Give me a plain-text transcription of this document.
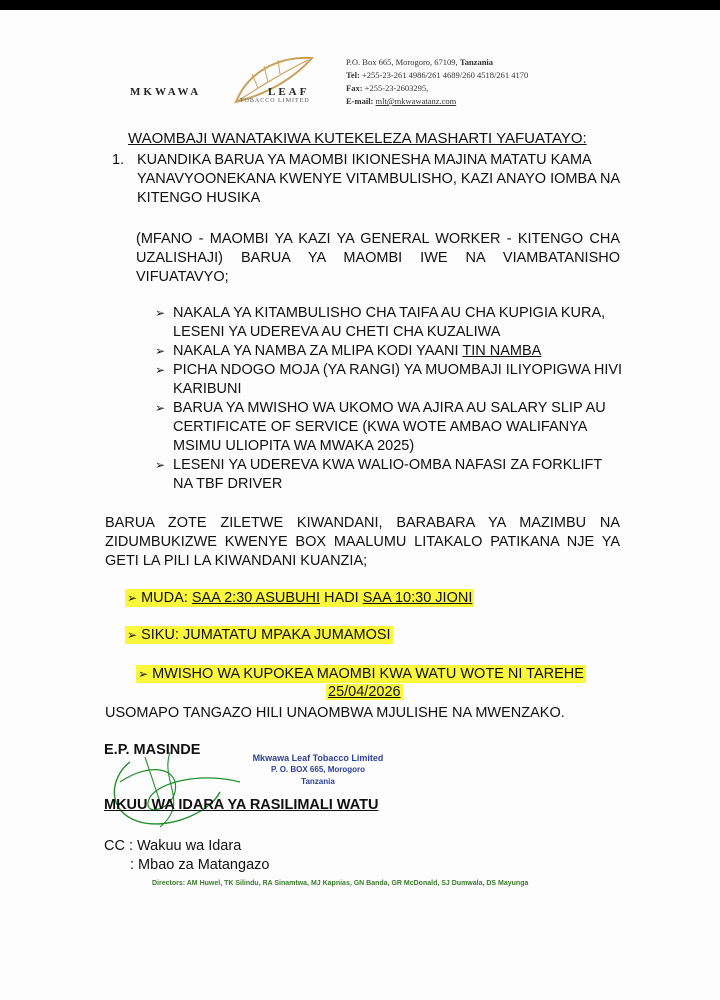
MKWAWA	LEAF
TOBACCO LIMITED
P.O. Box 665, Morogoro, 67109, Tanzania
Tel: +255-23-261 4986/261 4689/260 4518/261 4170
Fax: +255-23-2603295,
E-mail: mlt@mkwawatanz.com
WAOMBAJI WANATAKIWA KUTEKELEZA MASHARTI YAFUATAYO:
1. KUANDIKA BARUA YA MAOMBI IKIONESHA MAJINA MATATU KAMA YANAVYOONEKANA KWENYE VITAMBULISHO, KAZI ANAYO IOMBA NA KITENGO HUSIKA
(MFANO - MAOMBI YA KAZI YA GENERAL WORKER - KITENGO CHA UZALISHAJI) BARUA YA MAOMBI IWE NA VIAMBATANISHO VIFUATAVYO;
➢ NAKALA YA KITAMBULISHO CHA TAIFA AU CHA KUPIGIA KURA, LESENI YA UDEREVA AU CHETI CHA KUZALIWA
➢ NAKALA YA NAMBA ZA MLIPA KODI YAANI TIN NAMBA
➢ PICHA NDOGO MOJA (YA RANGI) YA MUOMBAJI ILIYOPIGWA HIVI KARIBUNI
➢ BARUA YA MWISHO WA UKOMO WA AJIRA AU SALARY SLIP AU CERTIFICATE OF SERVICE (KWA WOTE AMBAO WALIFANYA MSIMU ULIOPITA WA MWAKA 2025)
➢ LESENI YA UDEREVA KWA WALIO-OMBA NAFASI ZA FORKLIFT NA TBF DRIVER
BARUA ZOTE ZILETWE KIWANDANI, BARABARA YA MAZIMBU NA ZIDUMBUKIZWE KWENYE BOX MAALUMU LITAKALO PATIKANA NJE YA GETI LA PILI LA KIWANDANI KUANZIA;
➢ MUDA: SAA 2:30 ASUBUHI HADI SAA 10:30 JIONI
➢ SIKU: JUMATATU MPAKA JUMAMOSI
➢ MWISHO WA KUPOKEA MAOMBI KWA WATU WOTE NI TAREHE
25/04/2026
USOMAPO TANGAZO HILI UNAOMBWA MJULISHE NA MWENZAKO.
E.P. MASINDE	Mkwawa Leaf Tobacco Limited
P. O. BOX 665, Morogoro
Tanzania
MKUU WA IDARA YA RASILIMALI WATU
CC : Wakuu wa Idara
: Mbao za Matangazo
Directors: AM Huwel, TK Silindu, RA Sinamtwa, MJ Kapnias, GN Banda, GR McDonald, SJ Dumwala, DS Mayunga
